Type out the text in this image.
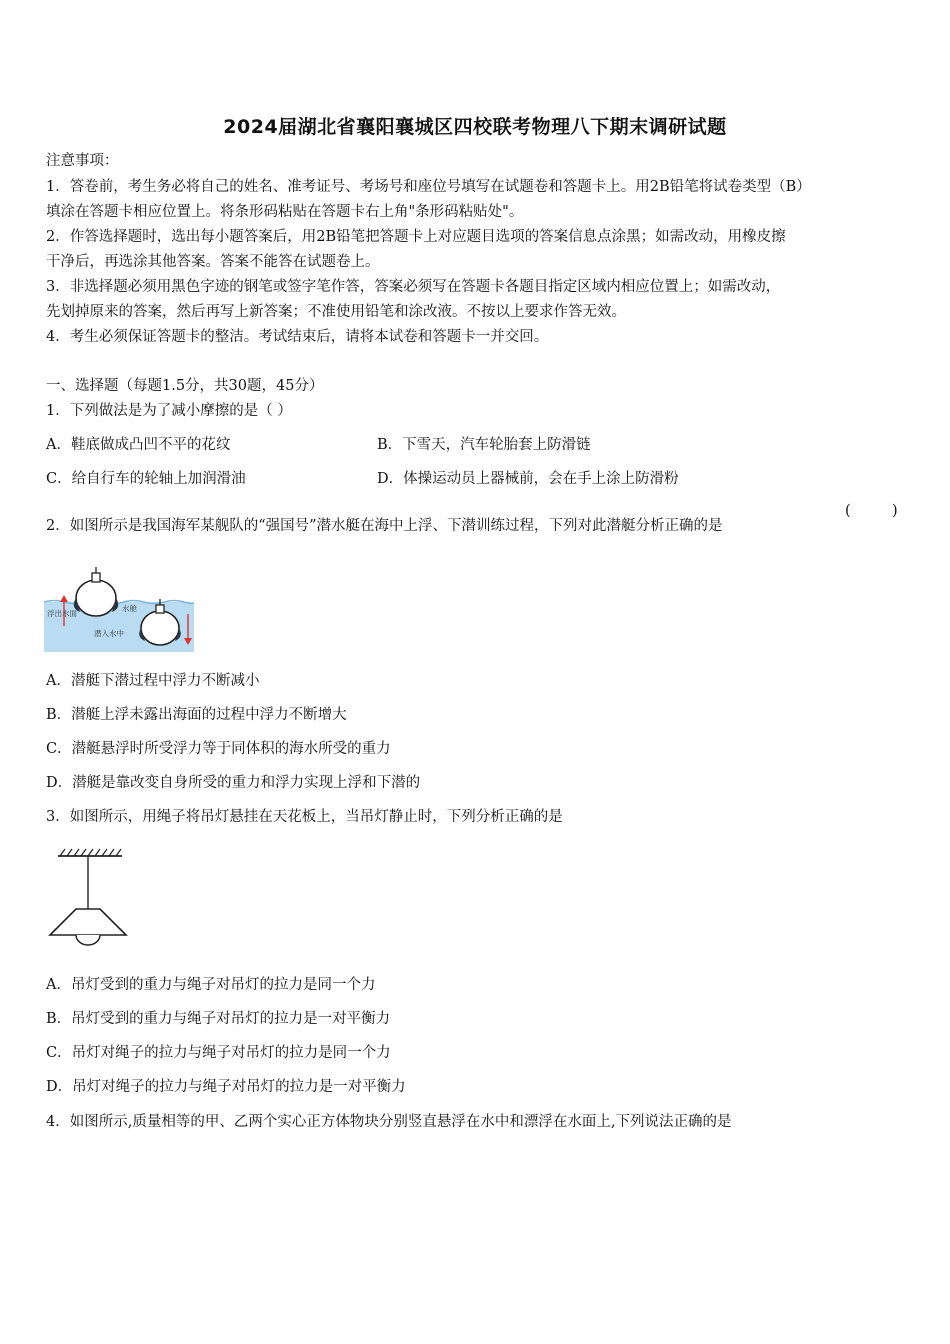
2024届湖北省襄阳襄城区四校联考物理八下期末调研试题
注意事项：
1．答卷前，考生务必将自己的姓名、准考证号、考场号和座位号填写在试题卷和答题卡上。用2B铅笔将试卷类型（B）
填涂在答题卡相应位置上。将条形码粘贴在答题卡右上角"条形码粘贴处"。
2．作答选择题时，选出每小题答案后，用2B铅笔把答题卡上对应题目选项的答案信息点涂黑；如需改动，用橡皮擦
干净后，再选涂其他答案。答案不能答在试题卷上。
3．非选择题必须用黑色字迹的钢笔或签字笔作答，答案必须写在答题卡各题目指定区域内相应位置上；如需改动，
先划掉原来的答案，然后再写上新答案；不准使用铅笔和涂改液。不按以上要求作答无效。
4．考生必须保证答题卡的整洁。考试结束后，请将本试卷和答题卡一并交回。
一、选择题（每题1.5分，共30题，45分）
1．下列做法是为了减小摩擦的是（ ）
A．鞋底做成凸凹不平的花纹	B．下雪天，汽车轮胎套上防滑链
C．给自行车的轮轴上加润滑油	D．体操运动员上器械前，会在手上涂上防滑粉
2．如图所示是我国海军某舰队的“强国号”潜水艇在海中上浮、下潜训练过程，下列对此潜艇分析正确的是
(	)
浮出水面
水舱
潜入水中
A．潜艇下潜过程中浮力不断减小
B．潜艇上浮未露出海面的过程中浮力不断增大
C．潜艇悬浮时所受浮力等于同体积的海水所受的重力
D．潜艇是靠改变自身所受的重力和浮力实现上浮和下潜的
3．如图所示，用绳子将吊灯悬挂在天花板上，当吊灯静止时，下列分析正确的是
A．吊灯受到的重力与绳子对吊灯的拉力是同一个力
B．吊灯受到的重力与绳子对吊灯的拉力是一对平衡力
C．吊灯对绳子的拉力与绳子对吊灯的拉力是同一个力
D．吊灯对绳子的拉力与绳子对吊灯的拉力是一对平衡力
4．如图所示,质量相等的甲、乙两个实心正方体物块分别竖直悬浮在水中和漂浮在水面上,下列说法正确的是
